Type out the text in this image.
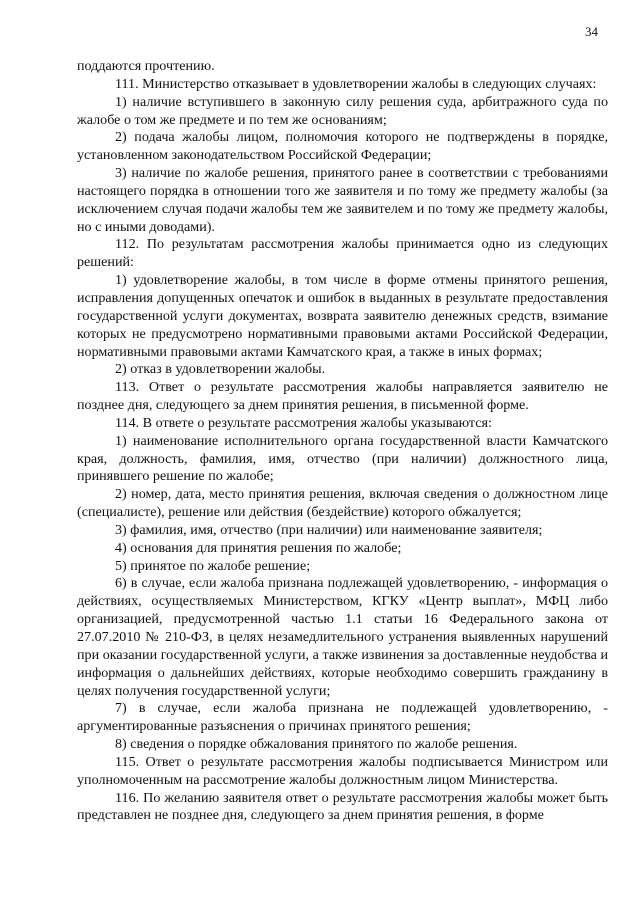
34

поддаются прочтению.

111. Министерство отказывает в удовлетворении жалобы в следующих случаях:

1) наличие вступившего в законную силу решения суда, арбитражного суда по жалобе о том же предмете и по тем же основаниям;

2) подача жалобы лицом, полномочия которого не подтверждены в порядке, установленном законодательством Российской Федерации;

3) наличие по жалобе решения, принятого ранее в соответствии с требованиями настоящего порядка в отношении того же заявителя и по тому же предмету жалобы (за исключением случая подачи жалобы тем же заявителем и по тому же предмету жалобы, но с иными доводами).

112. По результатам рассмотрения жалобы принимается одно из следующих решений:

1) удовлетворение жалобы, в том числе в форме отмены принятого решения, исправления допущенных опечаток и ошибок в выданных в результате предоставления государственной услуги документах, возврата заявителю денежных средств, взимание которых не предусмотрено нормативными правовыми актами Российской Федерации, нормативными правовыми актами Камчатского края, а также в иных формах;

2) отказ в удовлетворении жалобы.

113. Ответ о результате рассмотрения жалобы направляется заявителю не позднее дня, следующего за днем принятия решения, в письменной форме.

114. В ответе о результате рассмотрения жалобы указываются:

1) наименование исполнительного органа государственной власти Камчатского края, должность, фамилия, имя, отчество (при наличии) должностного лица, принявшего решение по жалобе;

2) номер, дата, место принятия решения, включая сведения о должностном лице (специалисте), решение или действия (бездействие) которого обжалуется;

3) фамилия, имя, отчество (при наличии) или наименование заявителя;

4) основания для принятия решения по жалобе;

5) принятое по жалобе решение;

6) в случае, если жалоба признана подлежащей удовлетворению, - информация о действиях, осуществляемых Министерством, КГКУ «Центр выплат», МФЦ либо организацией, предусмотренной частью 1.1 статьи 16 Федерального закона от 27.07.2010 № 210-ФЗ, в целях незамедлительного устранения выявленных нарушений при оказании государственной услуги, а также извинения за доставленные неудобства и информация о дальнейших действиях, которые необходимо совершить гражданину в целях получения государственной услуги;

7) в случае, если жалоба признана не подлежащей удовлетворению, - аргументированные разъяснения о причинах принятого решения;

8) сведения о порядке обжалования принятого по жалобе решения.

115. Ответ о результате рассмотрения жалобы подписывается Министром или уполномоченным на рассмотрение жалобы должностным лицом Министерства.

116. По желанию заявителя ответ о результате рассмотрения жалобы может быть представлен не позднее дня, следующего за днем принятия решения, в форме
